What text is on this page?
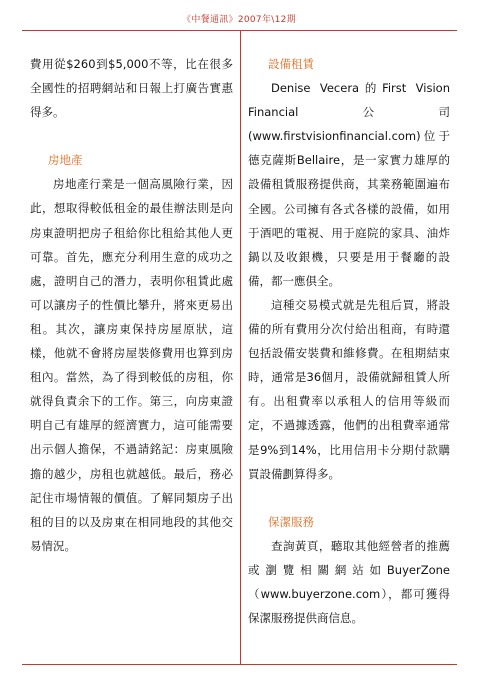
《中餐通訊》2007年\12期

費用從$260到$5,000不等，比在很多全國性的招聘網站和日報上打廣告實惠得多。

房地產

房地產行業是一個高風險行業，因此，想取得較低租金的最佳辦法則是向房東證明把房子租給你比租給其他人更可靠。首先，應充分利用生意的成功之處，證明自己的潛力，表明你租賃此處可以讓房子的性價比攀升，將來更易出租。其次，讓房東保持房屋原狀，這樣，他就不會將房屋裝修費用也算到房租內。當然，為了得到較低的房租，你就得負責余下的工作。第三，向房東證明自己有雄厚的經濟實力，這可能需要出示個人擔保，不過請銘記：房東風險擔的越少，房租也就越低。最后，務必記住市場情報的價值。了解同類房子出租的目的以及房東在相同地段的其他交易情況。

設備租賃

Denise Vecera的First Vision Financial公司(www.firstvisionfinancial.com)位于德克薩斯Bellaire，是一家實力雄厚的設備租賃服務提供商，其業務範圍遍布全國。公司擁有各式各樣的設備，如用于酒吧的電視、用于庭院的家具、油炸鍋以及收銀機，只要是用于餐廳的設備，都一應俱全。

這種交易模式就是先租后買，將設備的所有費用分次付給出租商，有時還包括設備安裝費和維修費。在租期結束時，通常是36個月，設備就歸租賃人所有。出租費率以承租人的信用等級而定，不過據透露，他們的出租費率通常是9%到14%，比用信用卡分期付款購買設備劃算得多。

保潔服務

查詢黃頁，聽取其他經營者的推薦或瀏覽相關網站如BuyerZone（www.buyerzone.com），都可獲得保潔服務提供商信息。
